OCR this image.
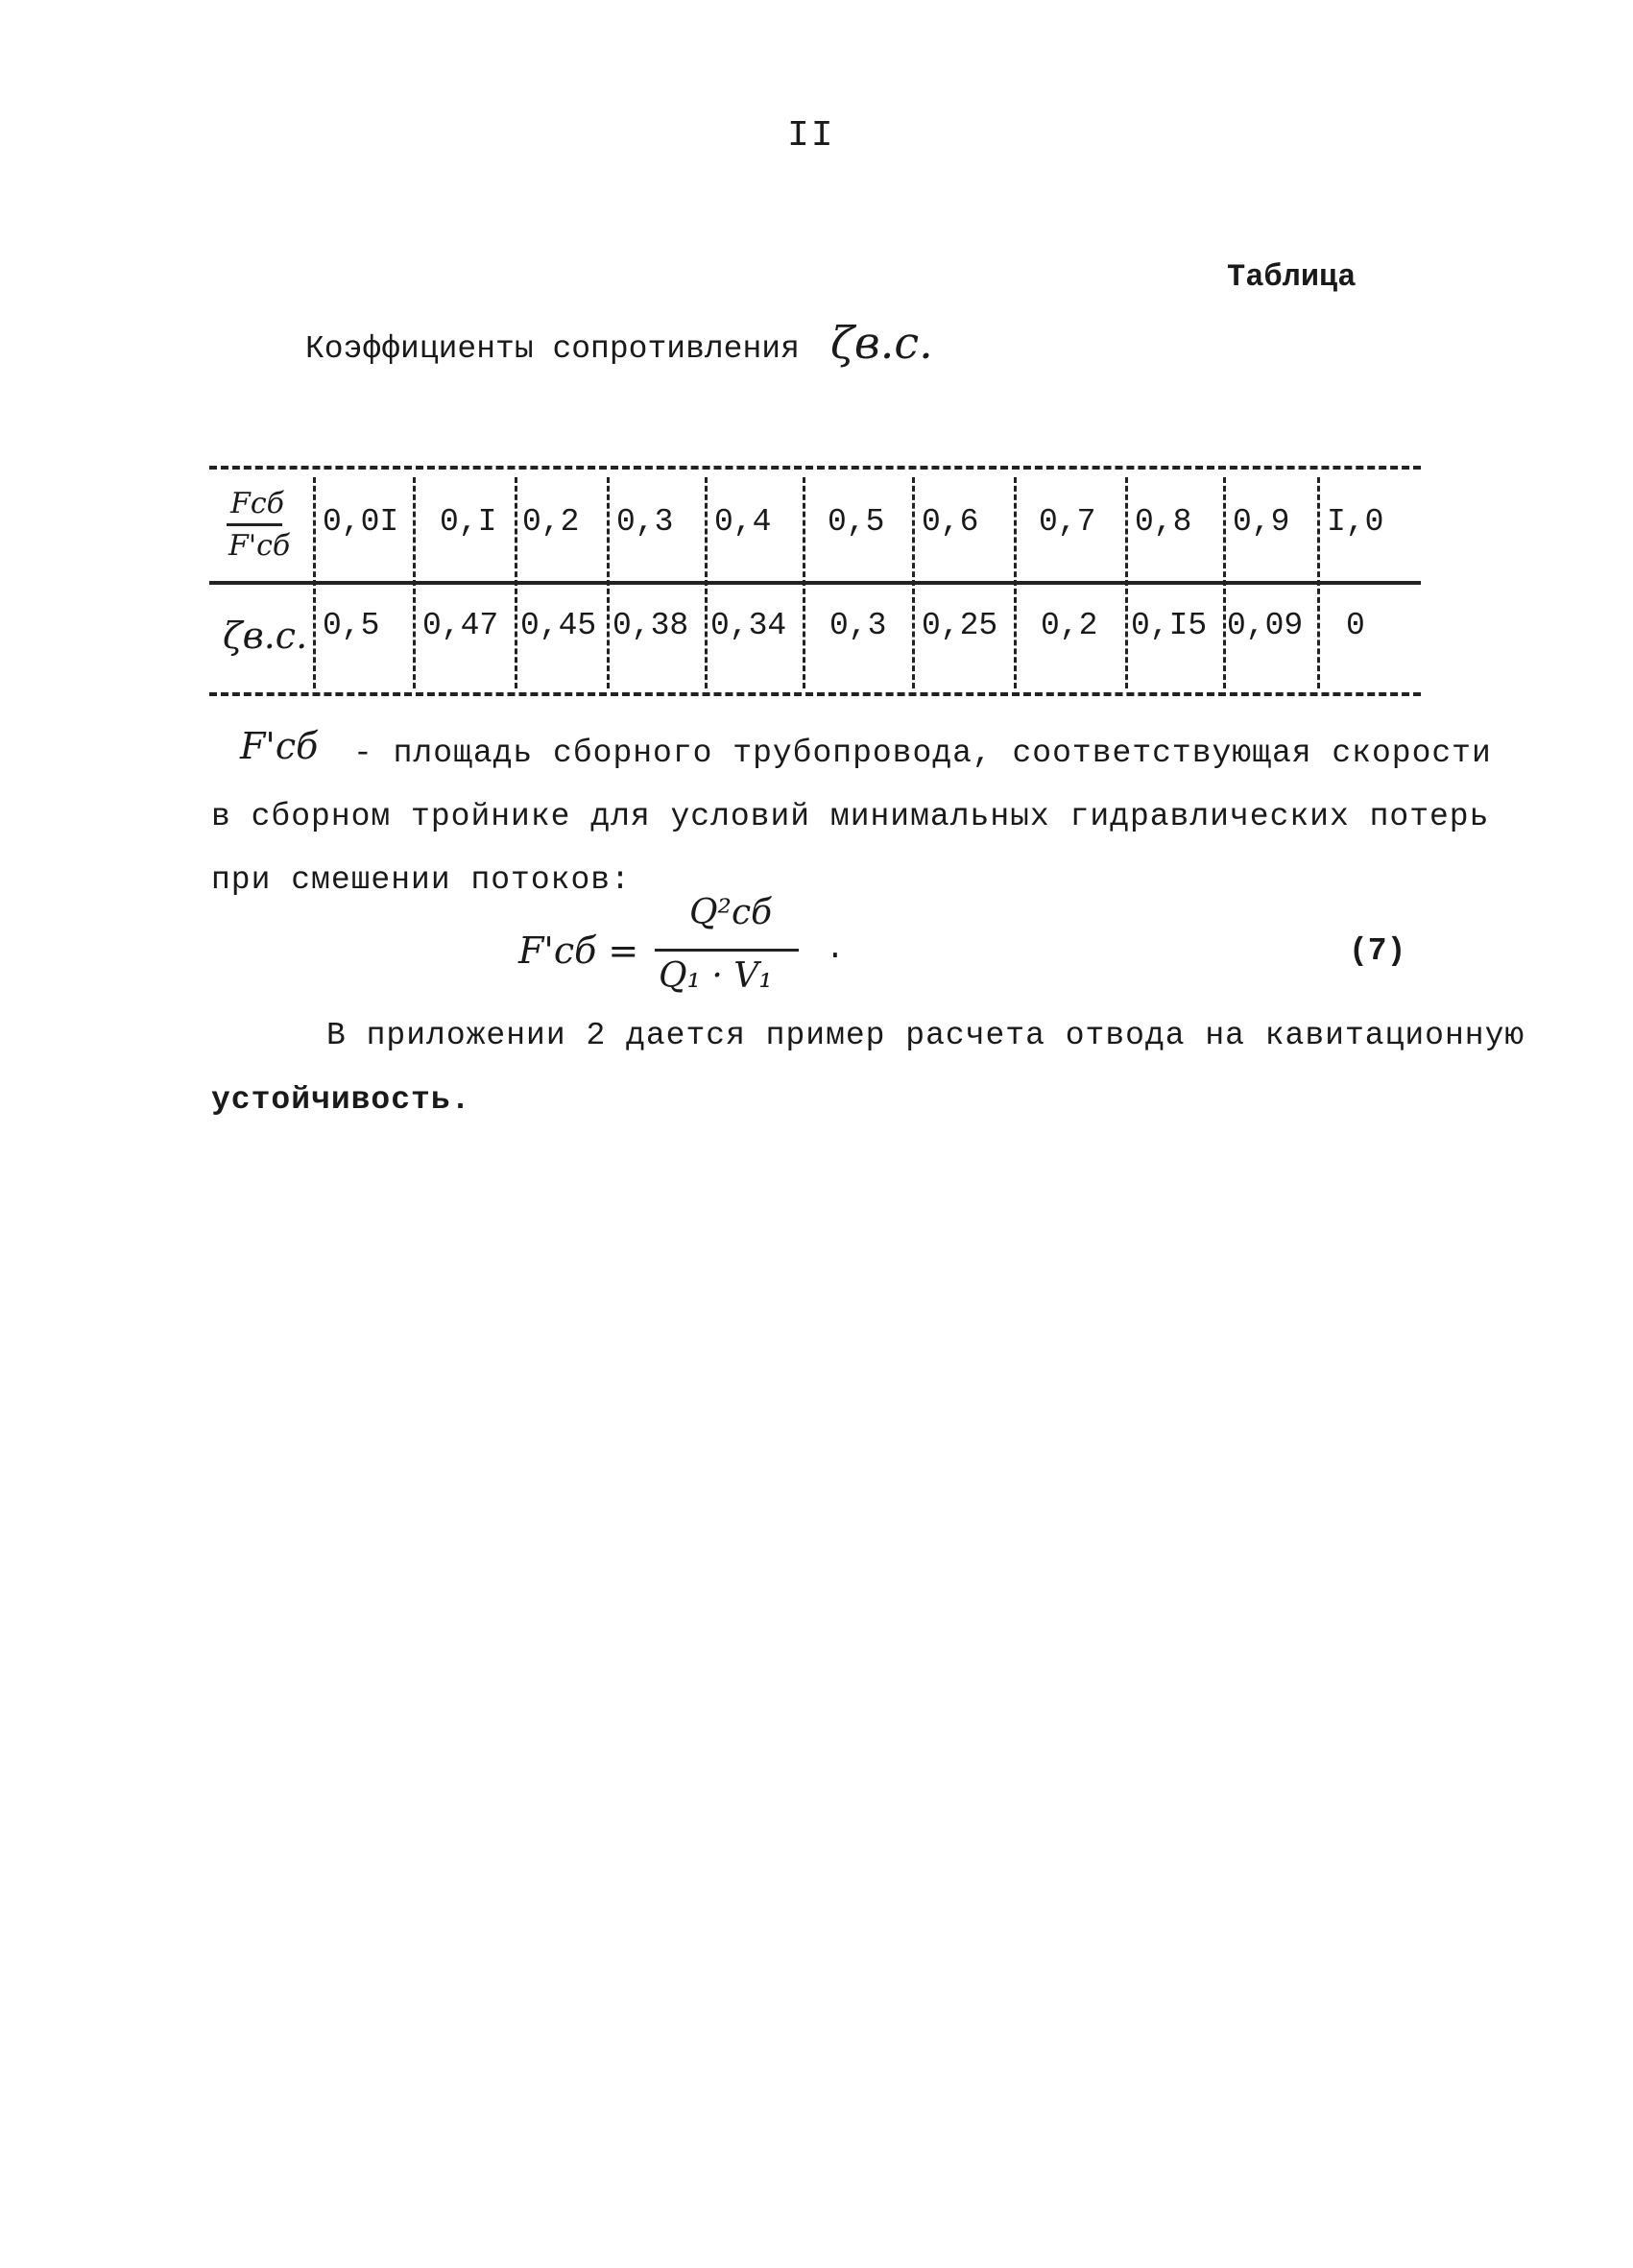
II
Таблица
Коэффициенты сопротивления ζв.с.
Fсб
F'сб
ζв.с.
0,0I 0,I 0,2 0,3 0,4 0,5 0,6 0,7 0,8 0,9 I,0
0,5 0,47 0,45 0,38 0,34 0,3 0,25 0,2 0,I5 0,09 0
F'сб - площадь сборного трубопровода, соответствующая скорости
в сборном тройнике для условий минимальных гидравлических потерь
при смешении потоков:
F'сб =
Q²сб
Q₁ · V₁
.	(7)
В приложении 2 дается пример расчета отвода на кавитационную
устойчивость.
